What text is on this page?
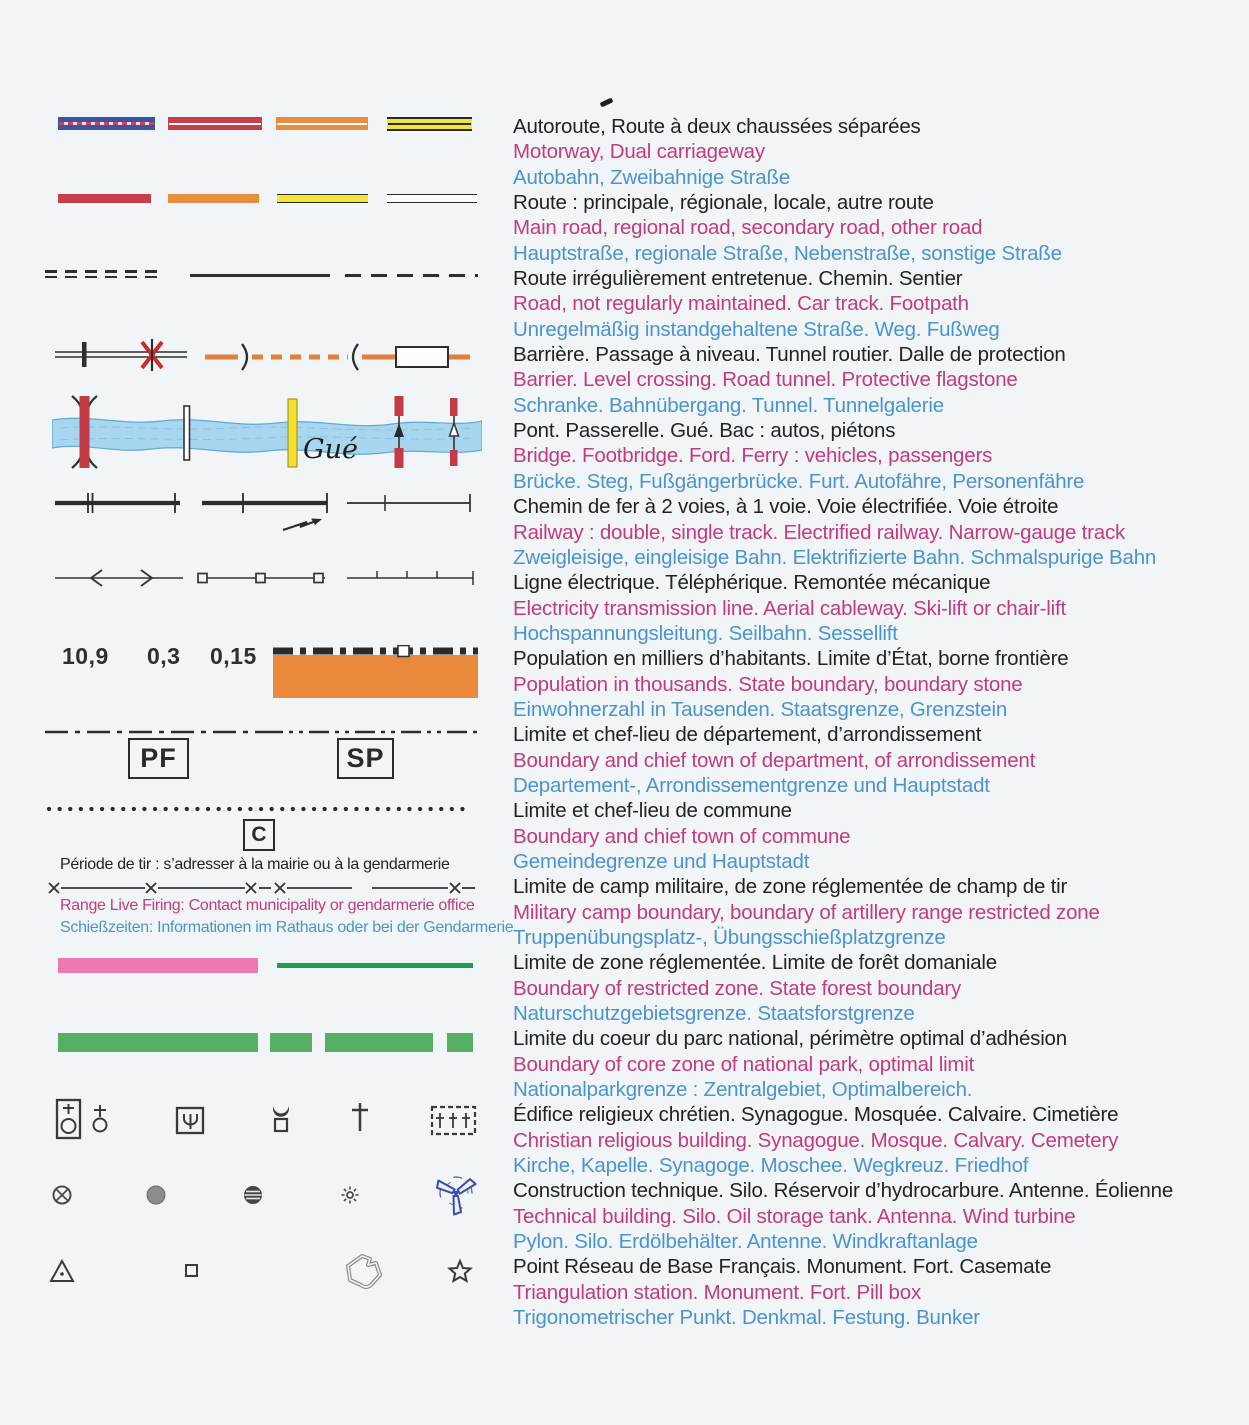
Gué
10,9 0,3 0,15
PF	SP
C
Période de tir : s’adresser à la mairie ou à la gendarmerie
Range Live Firing: Contact municipality or gendarmerie office
Schießzeiten: Informationen im Rathaus oder bei der Gendarmerie
Autoroute, Route à deux chaussées séparées
Motorway, Dual carriageway
Autobahn, Zweibahnige Straße
Route : principale, régionale, locale, autre route
Main road, regional road, secondary road, other road
Hauptstraße, regionale Straße, Nebenstraße, sonstige Straße
Route irrégulièrement entretenue. Chemin. Sentier
Road, not regularly maintained. Car track. Footpath
Unregelmäßig instandgehaltene Straße. Weg. Fußweg
Barrière. Passage à niveau. Tunnel routier. Dalle de protection
Barrier. Level crossing. Road tunnel. Protective flagstone
Schranke. Bahnübergang. Tunnel. Tunnelgalerie
Pont. Passerelle. Gué. Bac : autos, piétons
Bridge. Footbridge. Ford. Ferry : vehicles, passengers
Brücke. Steg, Fußgängerbrücke. Furt. Autofähre, Personenfähre
Chemin de fer à 2 voies, à 1 voie. Voie électrifiée. Voie étroite
Railway : double, single track. Electrified railway. Narrow-gauge track
Zweigleisige, eingleisige Bahn. Elektrifizierte Bahn. Schmalspurige Bahn
Ligne électrique. Téléphérique. Remontée mécanique
Electricity transmission line. Aerial cableway. Ski-lift or chair-lift
Hochspannungsleitung. Seilbahn. Sessellift
Population en milliers d’habitants. Limite d’État, borne frontière
Population in thousands. State boundary, boundary stone
Einwohnerzahl in Tausenden. Staatsgrenze, Grenzstein
Limite et chef-lieu de département, d’arrondissement
Boundary and chief town of department, of arrondissement
Departement-, Arrondissementgrenze und Hauptstadt
Limite et chef-lieu de commune
Boundary and chief town of commune
Gemeindegrenze und Hauptstadt
Limite de camp militaire, de zone réglementée de champ de tir
Military camp boundary, boundary of artillery range restricted zone
Truppenübungsplatz-, Übungsschießplatzgrenze
Limite de zone réglementée. Limite de forêt domaniale
Boundary of restricted zone. State forest boundary
Naturschutzgebietsgrenze. Staatsforstgrenze
Limite du coeur du parc national, périmètre optimal d’adhésion
Boundary of core zone of national park, optimal limit
Nationalparkgrenze : Zentralgebiet, Optimalbereich.
Édifice religieux chrétien. Synagogue. Mosquée. Calvaire. Cimetière
Christian religious building. Synagogue. Mosque. Calvary. Cemetery
Kirche, Kapelle. Synagoge. Moschee. Wegkreuz. Friedhof
Construction technique. Silo. Réservoir d’hydrocarbure. Antenne. Éolienne
Technical building. Silo. Oil storage tank. Antenna. Wind turbine
Pylon. Silo. Erdölbehälter. Antenne. Windkraftanlage
Point Réseau de Base Français. Monument. Fort. Casemate
Triangulation station. Monument. Fort. Pill box
Trigonometrischer Punkt. Denkmal. Festung. Bunker
